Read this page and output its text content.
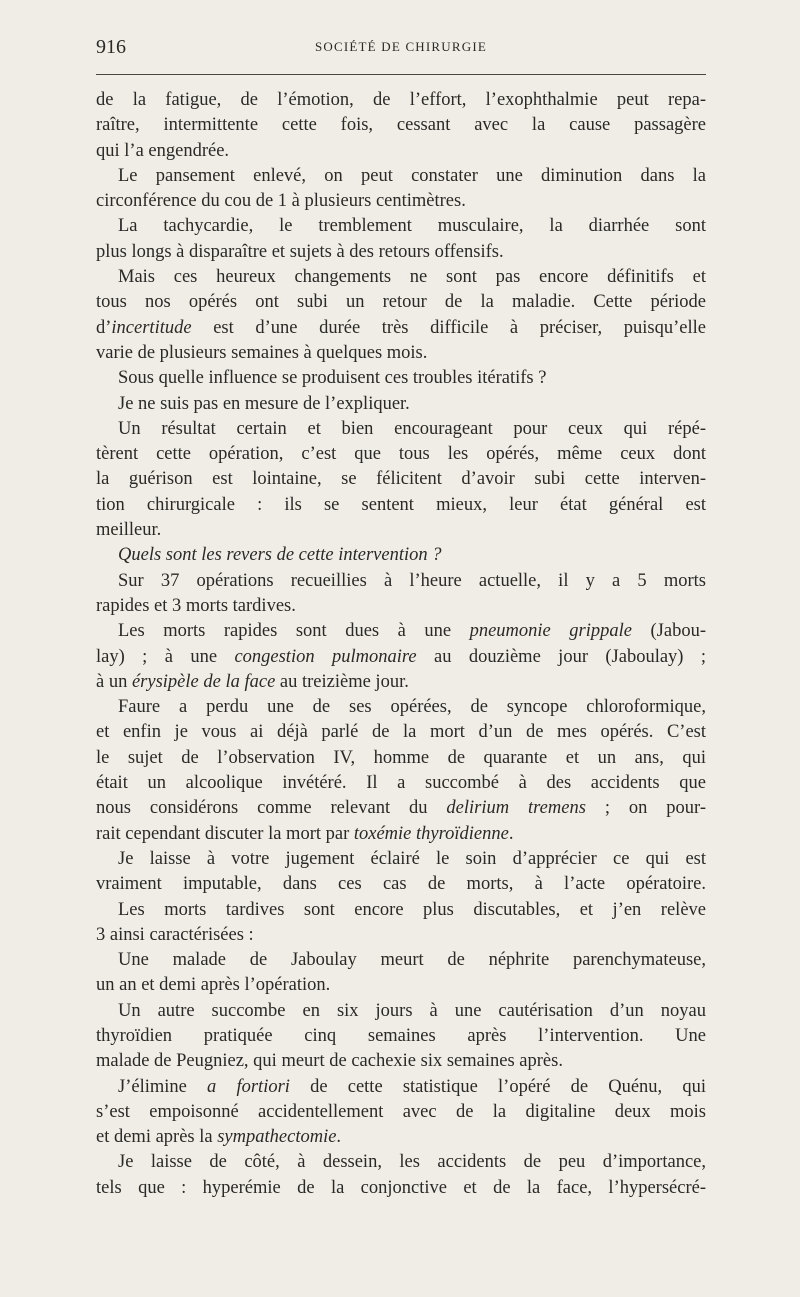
916	SOCIÉTÉ DE CHIRURGIE
de la fatigue, de l’émotion, de l’effort, l’exophthalmie peut repa-
raître, intermittente cette fois, cessant avec la cause passagère
qui l’a engendrée.
Le pansement enlevé, on peut constater une diminution dans la
circonférence du cou de 1 à plusieurs centimètres.
La tachycardie, le tremblement musculaire, la diarrhée sont
plus longs à disparaître et sujets à des retours offensifs.
Mais ces heureux changements ne sont pas encore définitifs et
tous nos opérés ont subi un retour de la maladie. Cette période
d’incertitude est d’une durée très difficile à préciser, puisqu’elle
varie de plusieurs semaines à quelques mois.
Sous quelle influence se produisent ces troubles itératifs ?
Je ne suis pas en mesure de l’expliquer.
Un résultat certain et bien encourageant pour ceux qui répé-
tèrent cette opération, c’est que tous les opérés, même ceux dont
la guérison est lointaine, se félicitent d’avoir subi cette interven-
tion chirurgicale : ils se sentent mieux, leur état général est
meilleur.
Quels sont les revers de cette intervention ?
Sur 37 opérations recueillies à l’heure actuelle, il y a 5 morts
rapides et 3 morts tardives.
Les morts rapides sont dues à une pneumonie grippale (Jabou-
lay) ; à une congestion pulmonaire au douzième jour (Jaboulay) ;
à un érysipèle de la face au treizième jour.
Faure a perdu une de ses opérées, de syncope chloroformique,
et enfin je vous ai déjà parlé de la mort d’un de mes opérés. C’est
le sujet de l’observation IV, homme de quarante et un ans, qui
était un alcoolique invétéré. Il a succombé à des accidents que
nous considérons comme relevant du delirium tremens ; on pour-
rait cependant discuter la mort par toxémie thyroïdienne.
Je laisse à votre jugement éclairé le soin d’apprécier ce qui est
vraiment imputable, dans ces cas de morts, à l’acte opératoire.
Les morts tardives sont encore plus discutables, et j’en relève
3 ainsi caractérisées :
Une malade de Jaboulay meurt de néphrite parenchymateuse,
un an et demi après l’opération.
Un autre succombe en six jours à une cautérisation d’un noyau
thyroïdien pratiquée cinq semaines après l’intervention. Une
malade de Peugniez, qui meurt de cachexie six semaines après.
J’élimine a fortiori de cette statistique l’opéré de Quénu, qui
s’est empoisonné accidentellement avec de la digitaline deux mois
et demi après la sympathectomie.
Je laisse de côté, à dessein, les accidents de peu d’importance,
tels que : hyperémie de la conjonctive et de la face, l’hypersécré-
